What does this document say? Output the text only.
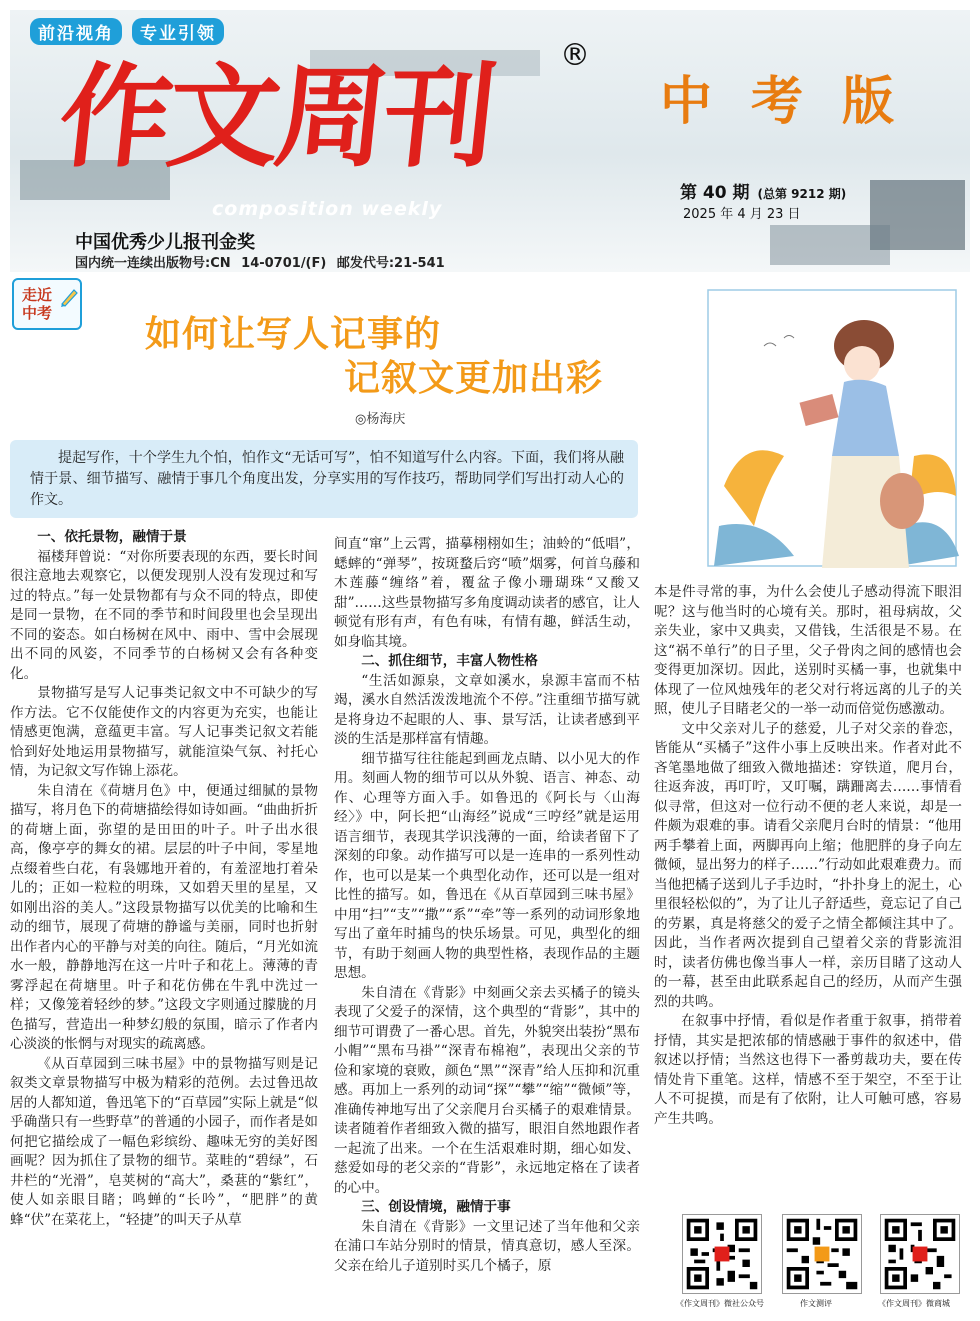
前沿视角 专业引领
作文周刊 ®
composition weekly
中国优秀少儿报刊金奖
国内统一连续出版物号:CN 14-0701/(F) 邮发代号:21-541
中 考 版
第 40 期 (总第 9212 期)
2025 年 4 月 23 日
走近
中考
如何让写人记事的
记叙文更加出彩
◎杨海庆
提起写作，十个学生九个怕，怕作文“无话可写”，怕不知道写什么内容。下面，我们将从融情于景、细节描写、融情于事几个角度出发，分享实用的写作技巧，帮助同学们写出打动人心的作文。
一、依托景物，融情于景

福楼拜曾说：“对你所要表现的东西，要长时间很注意地去观察它，以便发现别人没有发现过和写过的特点。”每一处景物都有与众不同的特点，即使是同一景物，在不同的季节和时间段里也会呈现出不同的姿态。如白杨树在风中、雨中、雪中会展现出不同的风姿，不同季节的白杨树又会有各种变化。

景物描写是写人记事类记叙文中不可缺少的写作方法。它不仅能使作文的内容更为充实，也能让情感更饱满，意蕴更丰富。写人记事类记叙文若能恰到好处地运用景物描写，就能渲染气氛、衬托心情，为记叙文写作锦上添花。

朱自清在《荷塘月色》中，便通过细腻的景物描写，将月色下的荷塘描绘得如诗如画。“曲曲折折的荷塘上面，弥望的是田田的叶子。叶子出水很高，像亭亭的舞女的裙。层层的叶子中间，零星地点缀着些白花，有袅娜地开着的，有羞涩地打着朵儿的；正如一粒粒的明珠，又如碧天里的星星，又如刚出浴的美人。”这段景物描写以优美的比喻和生动的细节，展现了荷塘的静谧与美丽，同时也折射出作者内心的平静与对美的向往。随后，“月光如流水一般，静静地泻在这一片叶子和花上。薄薄的青雾浮起在荷塘里。叶子和花仿佛在牛乳中洗过一样；又像笼着轻纱的梦。”这段文字则通过朦胧的月色描写，营造出一种梦幻般的氛围，暗示了作者内心淡淡的怅惘与对现实的疏离感。

《从百草园到三味书屋》中的景物描写则是记叙类文章景物描写中极为精彩的范例。去过鲁迅故居的人都知道，鲁迅笔下的“百草园”实际上就是“似乎确凿只有一些野草”的普通的小园子，而作者是如何把它描绘成了一幅色彩缤纷、趣味无穷的美好图画呢？因为抓住了景物的细节。菜畦的“碧绿”，石井栏的“光滑”，皂荚树的“高大”，桑葚的“紫红”，使人如亲眼目睹；鸣蝉的“长吟”，“肥胖”的黄蜂“伏”在菜花上，“轻捷”的叫天子从草

间直“窜”上云霄，描摹栩栩如生；油蛉的“低唱”，蟋蟀的“弹琴”，按斑蝥后窍“喷”烟雾，何首乌藤和木莲藤“缠络”着，覆盆子像小珊瑚珠“又酸又甜”……这些景物描写多角度调动读者的感官，让人顿觉有形有声，有色有味，有情有趣，鲜活生动，如身临其境。

二、抓住细节，丰富人物性格

“生活如源泉，文章如溪水，泉源丰富而不枯竭，溪水自然活泼泼地流个不停。”注重细节描写就是将身边不起眼的人、事、景写活，让读者感到平淡的生活是那样富有情趣。

细节描写往往能起到画龙点睛、以小见大的作用。刻画人物的细节可以从外貌、语言、神态、动作、心理等方面入手。如鲁迅的《阿长与〈山海经〉》中，阿长把“山海经”说成“三哼经”就是运用语言细节，表现其学识浅薄的一面，给读者留下了深刻的印象。动作描写可以是一连串的一系列性动作，也可以是某一个典型化动作，还可以是一组对比性的描写。如，鲁迅在《从百草园到三味书屋》中用“扫”“支”“撒”“系”“牵”等一系列的动词形象地写出了童年时捕鸟的快乐场景。可见，典型化的细节，有助于刻画人物的典型性格，表现作品的主题思想。

朱自清在《背影》中刻画父亲去买橘子的镜头表现了父爱子的深情，这个典型的“背影”，其中的细节可谓费了一番心思。首先，外貌突出装扮“黑布小帽”“黑布马褂”“深青布棉袍”，表现出父亲的节俭和家境的衰败，颜色“黑”“深青”给人压抑和沉重感。再加上一系列的动词“探”“攀”“缩”“微倾”等，准确传神地写出了父亲爬月台买橘子的艰难情景。读者随着作者细致入微的描写，眼泪自然地跟作者一起流了出来。一个在生活艰难时期，细心如发、慈爱如母的老父亲的“背影”，永远地定格在了读者的心中。

三、创设情境，融情于事

朱自清在《背影》一文里记述了当年他和父亲在浦口车站分别时的情景，情真意切，感人至深。父亲在给儿子道别时买几个橘子，原

本是件寻常的事，为什么会使儿子感动得流下眼泪呢？这与他当时的心境有关。那时，祖母病故，父亲失业，家中又典卖，又借钱，生活很是不易。在这“祸不单行”的日子里，父子骨肉之间的感情也会变得更加深切。因此，送别时买橘一事，也就集中体现了一位风烛残年的老父对行将远离的儿子的关照，使儿子目睹老父的一举一动而倍觉伤感激动。

文中父亲对儿子的慈爱，儿子对父亲的眷恋，皆能从“买橘子”这件小事上反映出来。作者对此不吝笔墨地做了细致入微地描述：穿铁道，爬月台，往返奔波，再叮咛，又叮嘱，蹒跚离去……事情看似寻常，但这对一位行动不便的老人来说，却是一件颇为艰难的事。请看父亲爬月台时的情景：“他用两手攀着上面，两脚再向上缩；他肥胖的身子向左微倾，显出努力的样子……”行动如此艰难费力。而当他把橘子送到儿子手边时，“扑扑身上的泥土，心里很轻松似的”，为了让儿子舒适些，竟忘记了自己的劳累，真是将慈父的爱子之情全都倾注其中了。因此，当作者两次提到自己望着父亲的背影流泪时，读者仿佛也像当事人一样，亲历目睹了这动人的一幕，甚至由此联系起自己的经历，从而产生强烈的共鸣。

在叙事中抒情，看似是作者重于叙事，捎带着抒情，其实是把浓郁的情感融于事件的叙述中，借叙述以抒情；当然这也得下一番剪裁功夫，要在传情处肯下重笔。这样，情感不至于架空，不至于让人不可捉摸，而是有了依附，让人可触可感，容易产生共鸣。

《作文周刊》微社公众号	作文测评	《作文周刊》微商城
